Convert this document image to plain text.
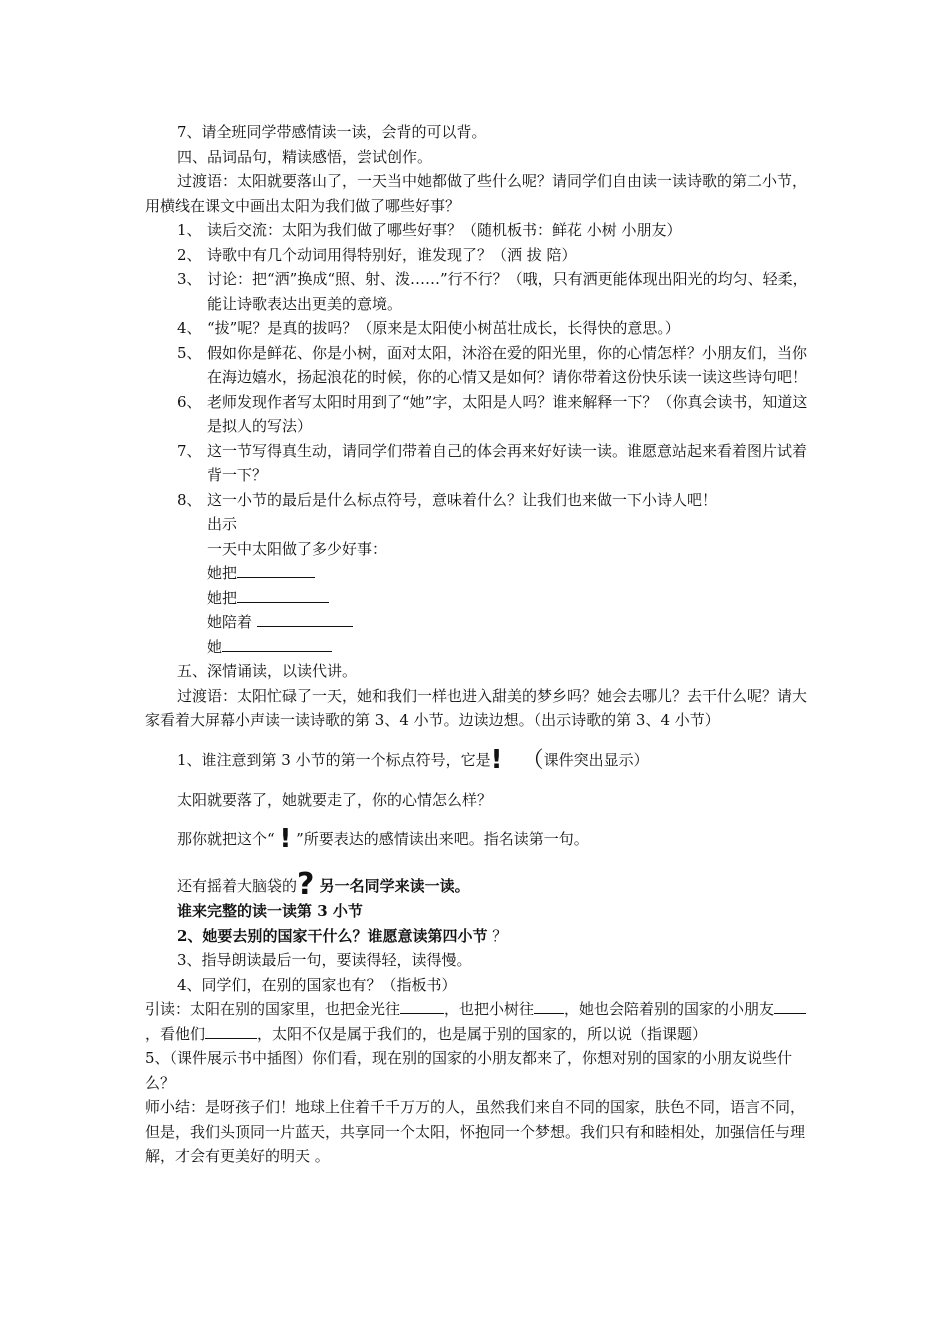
7、请全班同学带感情读一读，会背的可以背。

四、品词品句，精读感悟，尝试创作。

过渡语：太阳就要落山了，一天当中她都做了些什么呢？请同学们自由读一读诗歌的第二小节，用横线在课文中画出太阳为我们做了哪些好事？

1、 读后交流：太阳为我们做了哪些好事？（随机板书：鲜花 小树 小朋友）
2、 诗歌中有几个动词用得特别好，谁发现了？（洒 拔 陪）
3、 讨论：把“洒”换成“照、射、泼……”行不行？（哦，只有洒更能体现出阳光的均匀、轻柔，能让诗歌表达出更美的意境。
4、 “拔”呢？是真的拔吗？（原来是太阳使小树茁壮成长，长得快的意思。）
5、 假如你是鲜花、你是小树，面对太阳，沐浴在爱的阳光里，你的心情怎样？小朋友们，当你在海边嬉水，扬起浪花的时候，你的心情又是如何？请你带着这份快乐读一读这些诗句吧！
6、 老师发现作者写太阳时用到了“她”字，太阳是人吗？谁来解释一下？（你真会读书，知道这是拟人的写法）
7、 这一节写得真生动，请同学们带着自己的体会再来好好读一读。谁愿意站起来看着图片试着背一下？
8、 这一小节的最后是什么标点符号，意味着什么？让我们也来做一下小诗人吧！

出示

一天中太阳做了多少好事：

她把

她把

她陪着

她

五、深情诵读，以读代讲。

过渡语：太阳忙碌了一天，她和我们一样也进入甜美的梦乡吗？她会去哪儿？去干什么呢？请大家看着大屏幕小声读一读诗歌的第 3、4 小节。边读边想。（出示诗歌的第 3、4 小节）

1、谁注意到第 3 小节的第一个标点符号，它是! （课件突出显示）

太阳就要落了，她就要走了，你的心情怎么样？

那你就把这个“ ! ”所要表达的感情读出来吧。指名读第一句。

还有摇着大脑袋的? 另一名同学来读一读。

谁来完整的读一读第 3 小节

2、她要去别的国家干什么？谁愿意读第四小节 ？

3、指导朗读最后一句，要读得轻，读得慢。

4、同学们，在别的国家也有？（指板书）

引读：太阳在别的国家里，也把金光往	，也把小树往 ，她也会陪着别的国家的小朋友，看他们	，太阳不仅是属于我们的，也是属于别的国家的，所以说（指课题）

5、（课件展示书中插图）你们看，现在别的国家的小朋友都来了，你想对别的国家的小朋友说些什么？

师小结：是呀孩子们！地球上住着千千万万的人，虽然我们来自不同的国家，肤色不同，语言不同，但是，我们头顶同一片蓝天，共享同一个太阳，怀抱同一个梦想。我们只有和睦相处，加强信任与理解，才会有更美好的明天 。
